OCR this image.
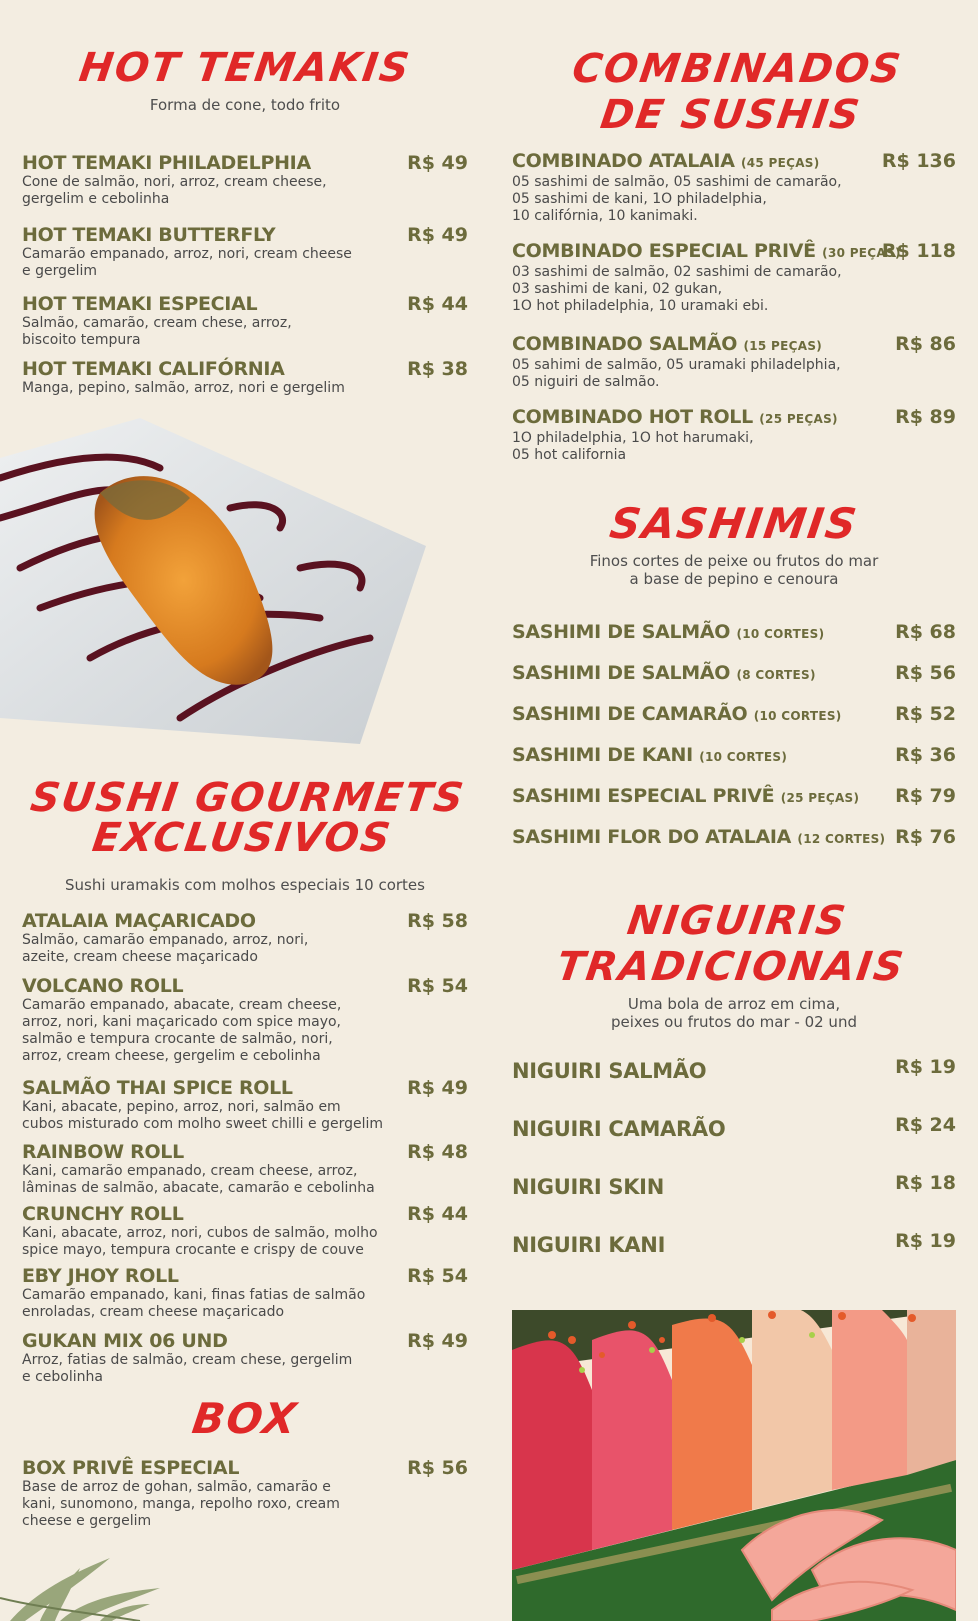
HOT TEMAKIS
Forma de cone, todo frito
HOT TEMAKI PHILADELPHIA	R$ 49
Cone de salmão, nori, arroz, cream cheese,
gergelim e cebolinha
HOT TEMAKI BUTTERFLY	R$ 49
Camarão empanado, arroz, nori, cream cheese
e gergelim
HOT TEMAKI ESPECIAL	R$ 44
Salmão, camarão, cream chese, arroz,
biscoito tempura
HOT TEMAKI CALIFÓRNIA	R$ 38
Manga, pepino, salmão, arroz, nori e gergelim
SUSHI GOURMETS
EXCLUSIVOS
Sushi uramakis com molhos especiais 10 cortes
ATALAIA MAÇARICADO	R$ 58
Salmão, camarão empanado, arroz, nori,
azeite, cream cheese maçaricado
VOLCANO ROLL	R$ 54
Camarão empanado, abacate, cream cheese,
arroz, nori, kani maçaricado com spice mayo,
salmão e tempura crocante de salmão, nori,
arroz, cream cheese, gergelim e cebolinha
SALMÃO THAI SPICE ROLL	R$ 49
Kani, abacate, pepino, arroz, nori, salmão em
cubos misturado com molho sweet chilli e gergelim
RAINBOW ROLL	R$ 48
Kani, camarão empanado, cream cheese, arroz,
lâminas de salmão, abacate, camarão e cebolinha
CRUNCHY ROLL	R$ 44
Kani, abacate, arroz, nori, cubos de salmão, molho
spice mayo, tempura crocante e crispy de couve
EBY JHOY ROLL	R$ 54
Camarão empanado, kani, finas fatias de salmão
enroladas, cream cheese maçaricado
GUKAN MIX 06 UND	R$ 49
Arroz, fatias de salmão, cream chese, gergelim
e cebolinha
BOX
BOX PRIVÊ ESPECIAL	R$ 56
Base de arroz de gohan, salmão, camarão e
kani, sunomono, manga, repolho roxo, cream
cheese e gergelim
COMBINADOS
DE SUSHIS
COMBINADO ATALAIA (45 PEÇAS)	R$ 136
05 sashimi de salmão, 05 sashimi de camarão,
05 sashimi de kani, 1O philadelphia,
10 califórnia, 10 kanimaki.
COMBINADO ESPECIAL PRIVÊ (30 PEÇAS)
R$ 118
03 sashimi de salmão, 02 sashimi de camarão,
03 sashimi de kani, 02 gukan,
1O hot philadelphia, 10 uramaki ebi.
COMBINADO SALMÃO (15 PEÇAS)	R$ 86
05 sahimi de salmão, 05 uramaki philadelphia,
05 niguiri de salmão.
COMBINADO HOT ROLL (25 PEÇAS)	R$ 89
1O philadelphia, 1O hot harumaki,
05 hot california
SASHIMIS
Finos cortes de peixe ou frutos do mar
a base de pepino e cenoura
SASHIMI DE SALMÃO (10 CORTES)	R$ 68
SASHIMI DE SALMÃO (8 CORTES)	R$ 56
SASHIMI DE CAMARÃO (10 CORTES)	R$ 52
SASHIMI DE KANI (10 CORTES)	R$ 36
SASHIMI ESPECIAL PRIVÊ (25 PEÇAS)	R$ 79
SASHIMI FLOR DO ATALAIA (12 CORTES) R$ 76
NIGUIRIS
TRADICIONAIS
Uma bola de arroz em cima,
peixes ou frutos do mar - 02 und
NIGUIRI SALMÃO	R$ 19
NIGUIRI CAMARÃO	R$ 24
NIGUIRI SKIN	R$ 18
NIGUIRI KANI	R$ 19
